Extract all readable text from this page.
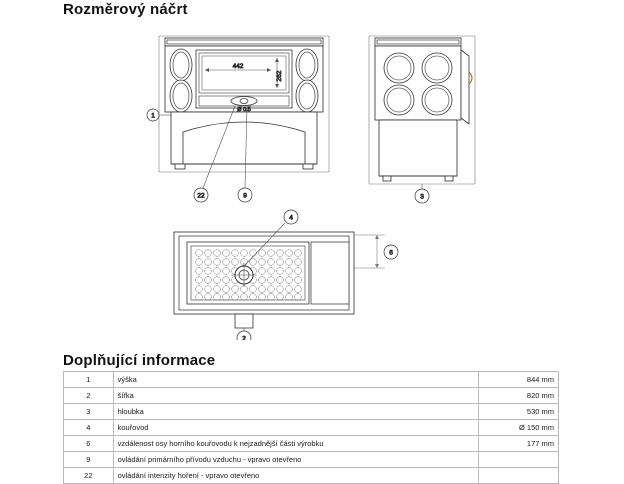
Rozměrový náčrt
442
262
Ø 0,5
1
22	9	3
4
6
2
Doplňující informace
1	výška	844 mm
2	šířka	820 mm
3	hloubka	530 mm
4	kouřovod	Ø 150 mm
6	vzdálenost osy horního kouřovodu k nejzadnější části výrobku	177 mm
9	ovládání primárního přívodu vzduchu - vpravo otevřeno	
22	ovládání intenzity hoření - vpravo otevřeno	
